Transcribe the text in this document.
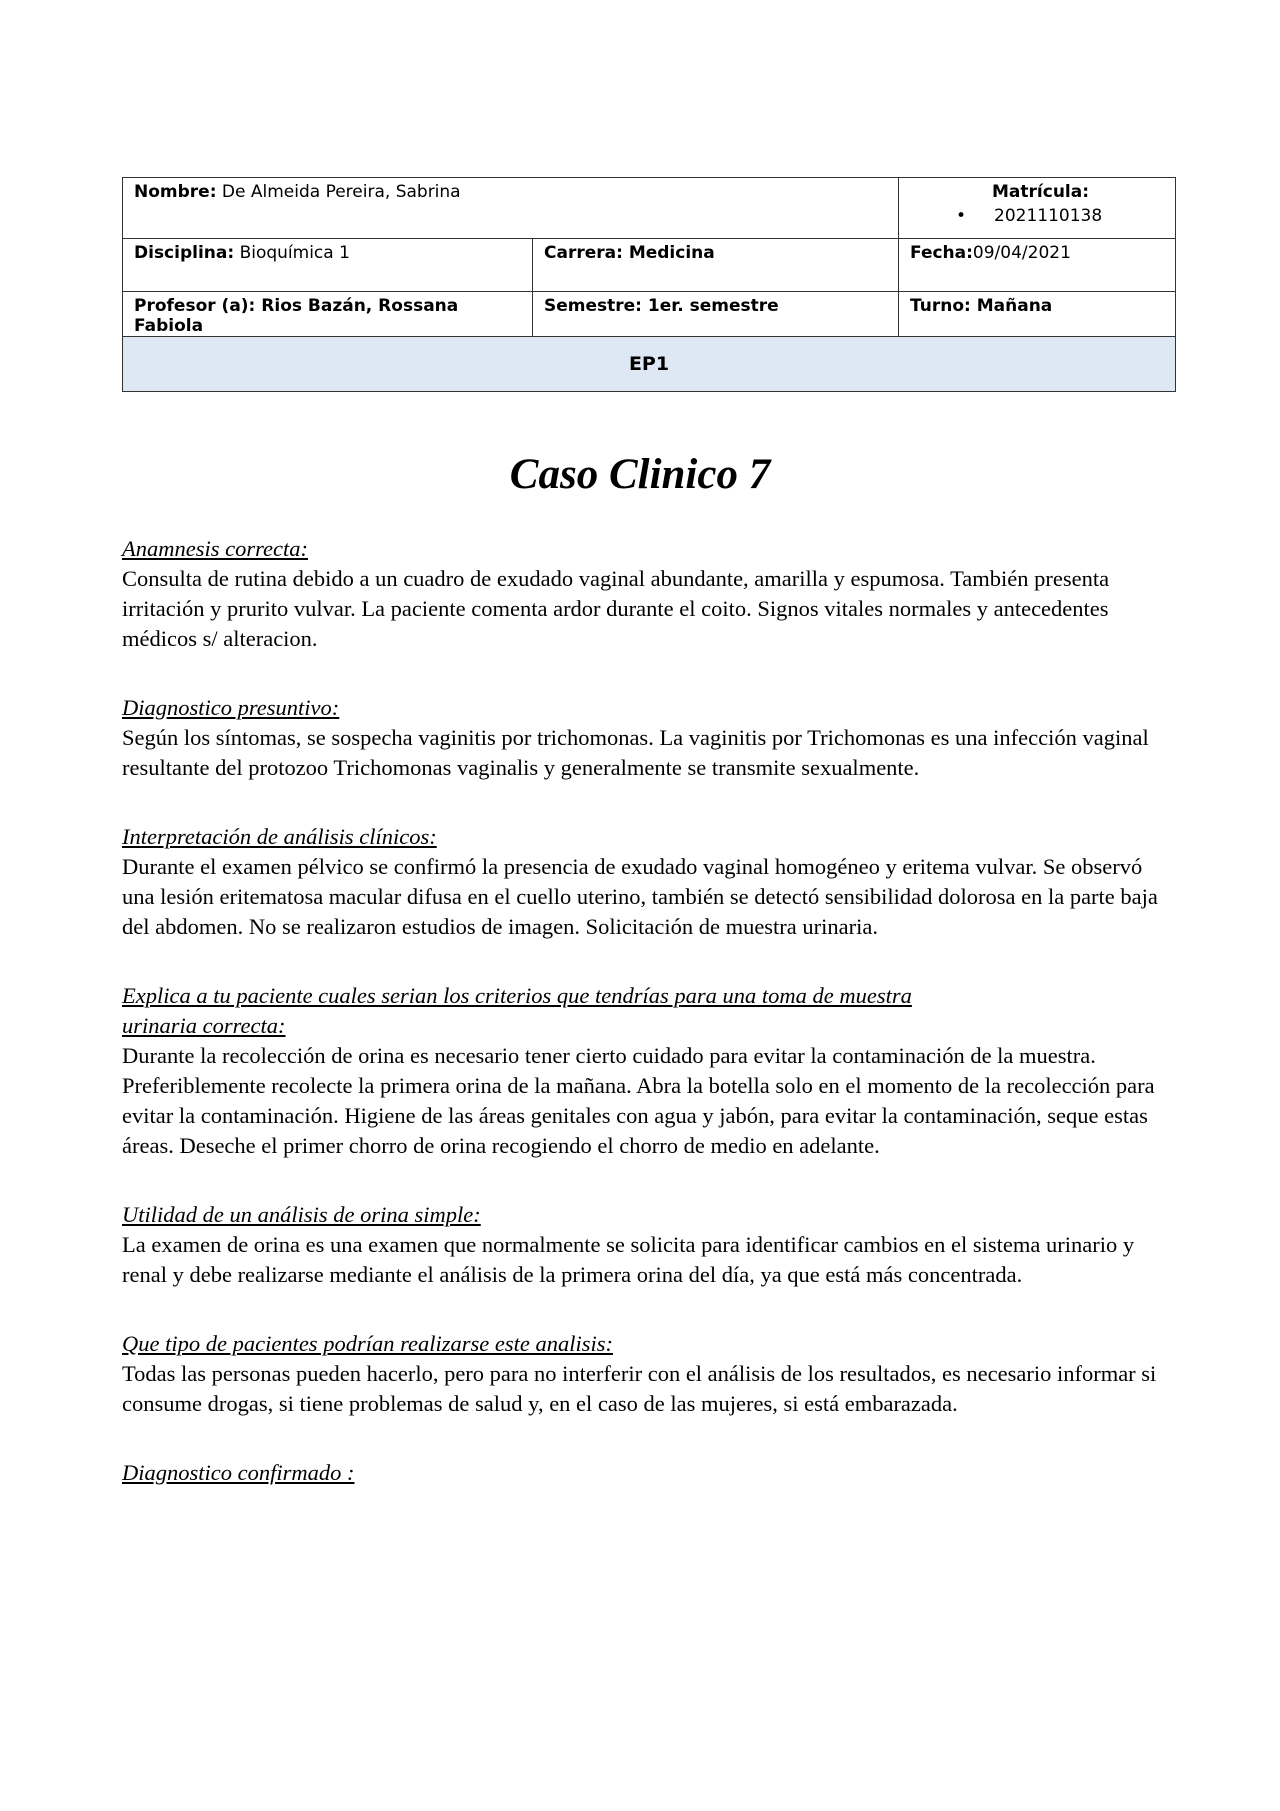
Nombre: De Almeida Pereira, Sabrina		Matrícula:
• 2021110138

Disciplina: Bioquímica 1	Carrera: Medicina	Fecha:09/04/2021
Profesor (a): Rios Bazán, Rossana Fabiola	Semestre: 1er. semestre	Turno: Mañana
EP1		
Caso Clinico 7
Anamnesis correcta:

Consulta de rutina debido a un cuadro de exudado vaginal abundante, amarilla y espumosa. También presenta irritación y prurito vulvar. La paciente comenta ardor durante el coito. Signos vitales normales y antecedentes médicos s/ alteracion.

Diagnostico presuntivo:

Según los síntomas, se sospecha vaginitis por trichomonas. La vaginitis por Trichomonas es una infección vaginal resultante del protozoo Trichomonas vaginalis y generalmente se transmite sexualmente.

Interpretación de análisis clínicos:

Durante el examen pélvico se confirmó la presencia de exudado vaginal homogéneo y eritema vulvar. Se observó una lesión eritematosa macular difusa en el cuello uterino, también se detectó sensibilidad dolorosa en la parte baja del abdomen. No se realizaron estudios de imagen. Solicitación de muestra urinaria.

Explica a tu paciente cuales serian los criterios que tendrías para una toma de muestra urinaria correcta:

Durante la recolección de orina es necesario tener cierto cuidado para evitar la contaminación de la muestra. Preferiblemente recolecte la primera orina de la mañana. Abra la botella solo en el momento de la recolección para evitar la contaminación. Higiene de las áreas genitales con agua y jabón, para evitar la contaminación, seque estas áreas. Deseche el primer chorro de orina recogiendo el chorro de medio en adelante.

Utilidad de un análisis de orina simple:

La examen de orina es una examen que normalmente se solicita para identificar cambios en el sistema urinario y renal y debe realizarse mediante el análisis de la primera orina del día, ya que está más concentrada.

Que tipo de pacientes podrían realizarse este analisis:

Todas las personas pueden hacerlo, pero para no interferir con el análisis de los resultados, es necesario informar si consume drogas, si tiene problemas de salud y, en el caso de las mujeres, si está embarazada.

Diagnostico confirmado :
